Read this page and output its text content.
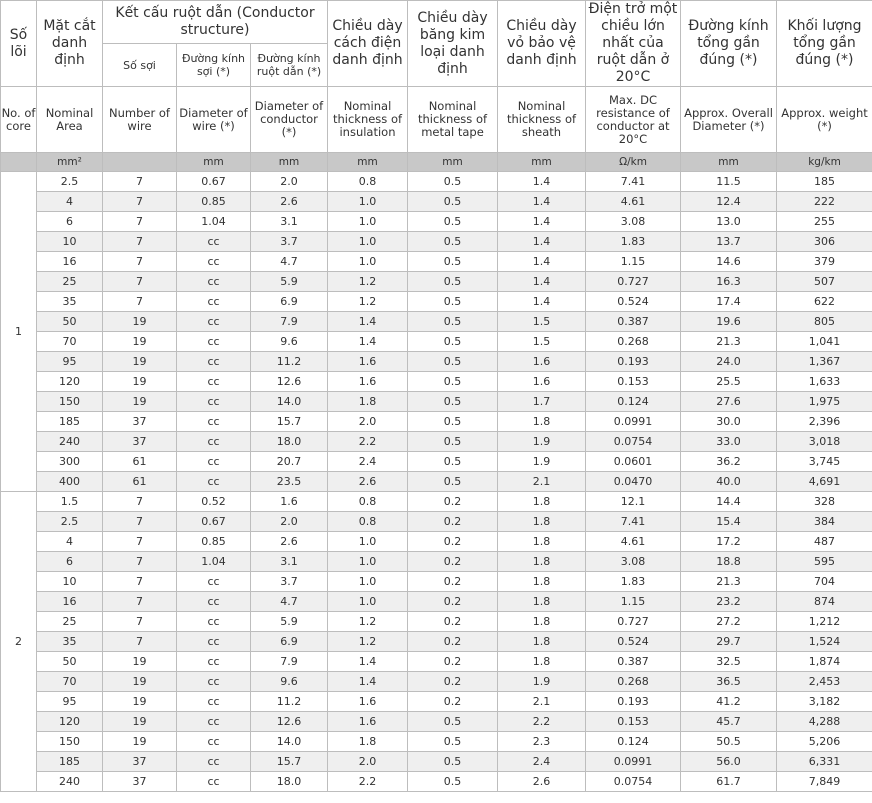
Số lõi	Mặt cắt danh định	Kết cấu ruột dẫn (Conductor structure)			Chiều dày cách điện danh định	Chiều dày băng kim loại danh định	Chiều dày vỏ bảo vệ danh định	Điện trở một chiều lớn nhất của ruột dẫn ở 20°C	Đường kính tổng gần đúng (*)	Khối lượng tổng gần đúng (*)
		Số sợi	Đường kính sợi (*)	Đường kính ruột dẫn (*)						
No. of core	Nominal Area	Number of wire	Diameter of wire (*)	Diameter of conductor (*)	Nominal thickness of insulation	Nominal thickness of metal tape	Nominal thickness of sheath	Max. DC resistance of conductor at 20°C	Approx. Overall Diameter (*)	Approx. weight (*)
	mm²		mm	mm	mm	mm	mm	Ω/km	mm	kg/km
1	2.5	7	0.67	2.0	0.8	0.5	1.4	7.41	11.5	185
	4	7	0.85	2.6	1.0	0.5	1.4	4.61	12.4	222
	6	7	1.04	3.1	1.0	0.5	1.4	3.08	13.0	255
	10	7	cc	3.7	1.0	0.5	1.4	1.83	13.7	306
	16	7	cc	4.7	1.0	0.5	1.4	1.15	14.6	379
	25	7	cc	5.9	1.2	0.5	1.4	0.727	16.3	507
	35	7	cc	6.9	1.2	0.5	1.4	0.524	17.4	622
	50	19	cc	7.9	1.4	0.5	1.5	0.387	19.6	805
	70	19	cc	9.6	1.4	0.5	1.5	0.268	21.3	1,041
	95	19	cc	11.2	1.6	0.5	1.6	0.193	24.0	1,367
	120	19	cc	12.6	1.6	0.5	1.6	0.153	25.5	1,633
	150	19	cc	14.0	1.8	0.5	1.7	0.124	27.6	1,975
	185	37	cc	15.7	2.0	0.5	1.8	0.0991	30.0	2,396
	240	37	cc	18.0	2.2	0.5	1.9	0.0754	33.0	3,018
	300	61	cc	20.7	2.4	0.5	1.9	0.0601	36.2	3,745
	400	61	cc	23.5	2.6	0.5	2.1	0.0470	40.0	4,691
2	1.5	7	0.52	1.6	0.8	0.2	1.8	12.1	14.4	328
	2.5	7	0.67	2.0	0.8	0.2	1.8	7.41	15.4	384
	4	7	0.85	2.6	1.0	0.2	1.8	4.61	17.2	487
	6	7	1.04	3.1	1.0	0.2	1.8	3.08	18.8	595
	10	7	cc	3.7	1.0	0.2	1.8	1.83	21.3	704
	16	7	cc	4.7	1.0	0.2	1.8	1.15	23.2	874
	25	7	cc	5.9	1.2	0.2	1.8	0.727	27.2	1,212
	35	7	cc	6.9	1.2	0.2	1.8	0.524	29.7	1,524
	50	19	cc	7.9	1.4	0.2	1.8	0.387	32.5	1,874
	70	19	cc	9.6	1.4	0.2	1.9	0.268	36.5	2,453
	95	19	cc	11.2	1.6	0.2	2.1	0.193	41.2	3,182
	120	19	cc	12.6	1.6	0.5	2.2	0.153	45.7	4,288
	150	19	cc	14.0	1.8	0.5	2.3	0.124	50.5	5,206
	185	37	cc	15.7	2.0	0.5	2.4	0.0991	56.0	6,331
	240	37	cc	18.0	2.2	0.5	2.6	0.0754	61.7	7,849
